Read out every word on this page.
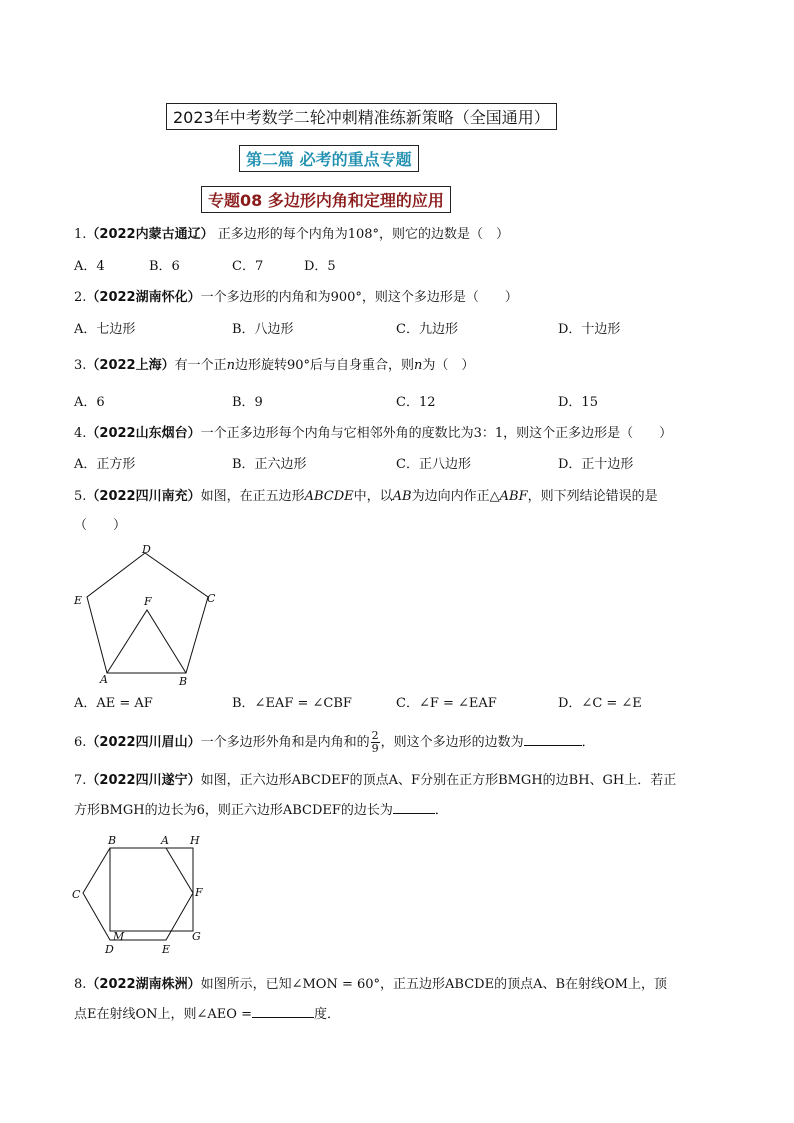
2023年中考数学二轮冲刺精准练新策略（全国通用）
第二篇 必考的重点专题
专题08 多边形内角和定理的应用
1.（2022内蒙古通辽） 正多边形的每个内角为108°，则它的边数是（　）
A．4	B．6	C．7	D．5
2.（2022湖南怀化）一个多边形的内角和为900°，则这个多边形是（　　）
A．七边形	B．八边形	C．九边形	D．十边形
3.（2022上海）有一个正n边形旋转90°后与自身重合，则n为（　）
A．6	B．9	C．12	D．15
4.（2022山东烟台）一个正多边形每个内角与它相邻外角的度数比为3：1，则这个正多边形是（　　）
A．正方形	B．正六边形	C．正八边形	D．正十边形
5.（2022四川南充）如图，在正五边形ABCDE中，以AB为边向内作正△ABF，则下列结论错误的是
（　　）
D
E	F	C
A	B
A．AE = AF	B．∠EAF = ∠CBF	C．∠F = ∠EAF	D．∠C = ∠E
6.（2022四川眉山）一个多边形外角和是内角和的 $\frac{2}{9}$ ，则这个多边形的边数为	．
7.（2022四川遂宁）如图，正六边形ABCDEF的顶点A、F分别在正方形BMGH的边BH、GH上．若正
方形BMGH的边长为6，则正六边形ABCDEF的边长为	．
B	A H
C	F
M
D	E
G
8.（2022湖南株洲）如图所示，已知∠MON = 60°，正五边形ABCDE的顶点A、B在射线OM上，顶
点E在射线ON上，则∠AEO =	度．
